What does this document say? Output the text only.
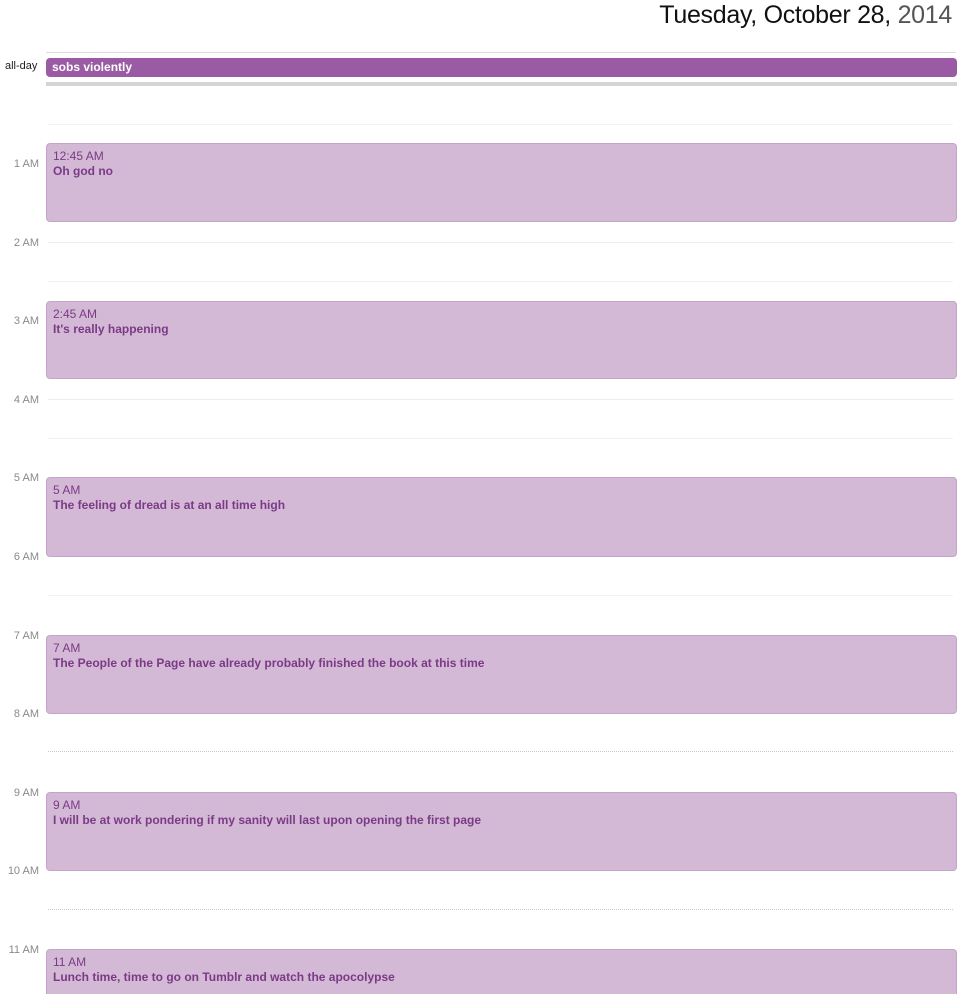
Tuesday, October 28, 2014
all-day	sobs violently
1 AM
2 AM
3 AM
4 AM
5 AM
6 AM
7 AM
8 AM
9 AM
10 AM
11 AM
12:45 AM
Oh god no
2:45 AM
It's really happening
5 AM
The feeling of dread is at an all time high
7 AM
The People of the Page have already probably finished the book at this time
9 AM
I will be at work pondering if my sanity will last upon opening the first page
11 AM
Lunch time, time to go on Tumblr and watch the apocolypse
